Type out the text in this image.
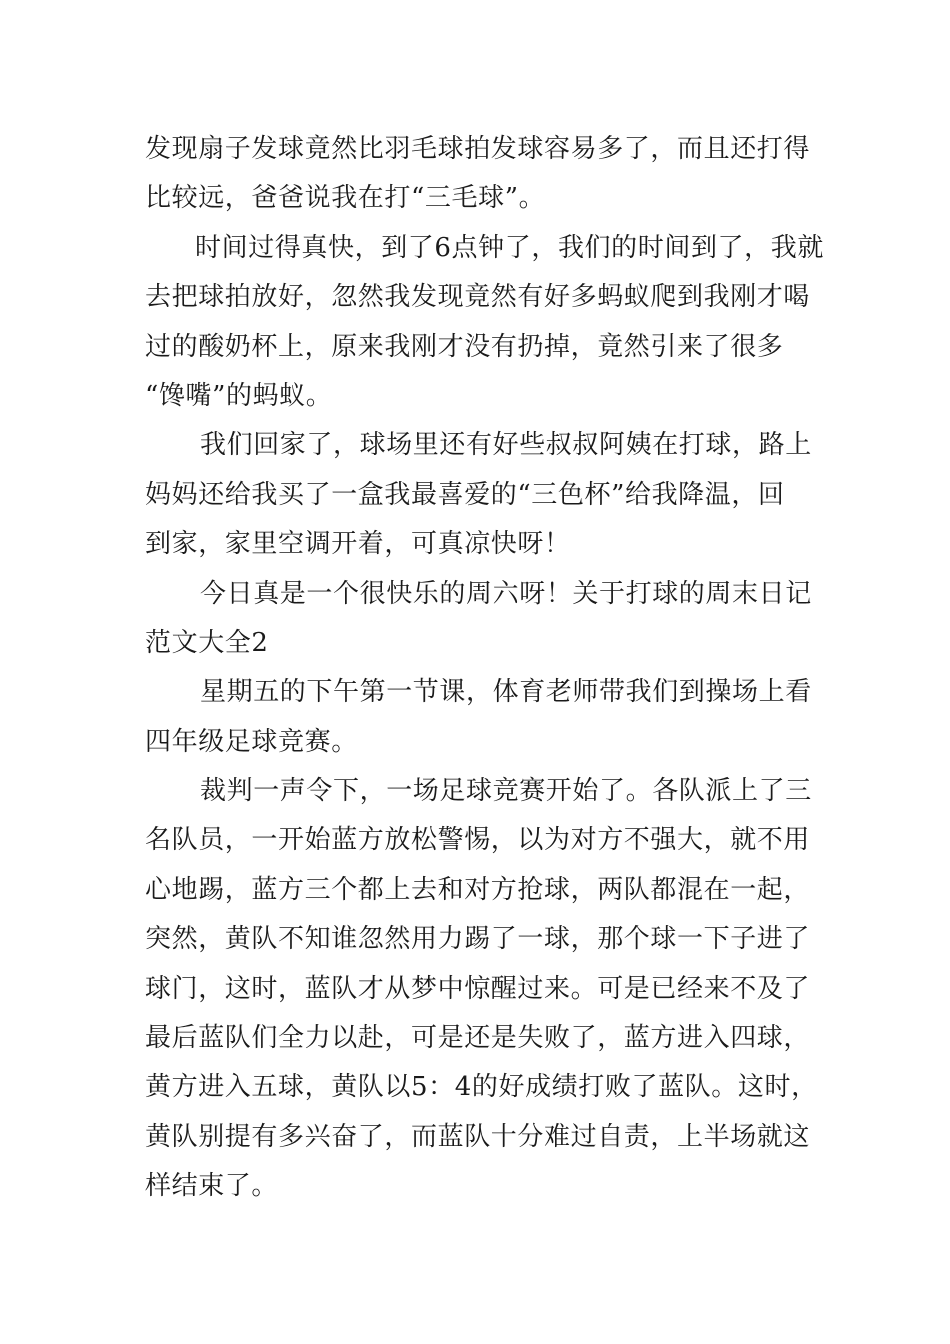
发现扇子发球竟然比羽毛球拍发球容易多了，而且还打得
比较远，爸爸说我在打“三毛球”。
时间过得真快，到了6点钟了，我们的时间到了，我就
去把球拍放好，忽然我发现竟然有好多蚂蚁爬到我刚才喝
过的酸奶杯上，原来我刚才没有扔掉，竟然引来了很多
“馋嘴”的蚂蚁。
我们回家了，球场里还有好些叔叔阿姨在打球，路上
妈妈还给我买了一盒我最喜爱的“三色杯”给我降温，回
到家，家里空调开着，可真凉快呀！
今日真是一个很快乐的周六呀！关于打球的周末日记
范文大全2
星期五的下午第一节课，体育老师带我们到操场上看
四年级足球竞赛。
裁判一声令下，一场足球竞赛开始了。各队派上了三
名队员，一开始蓝方放松警惕，以为对方不强大，就不用
心地踢，蓝方三个都上去和对方抢球，两队都混在一起，
突然，黄队不知谁忽然用力踢了一球，那个球一下子进了
球门，这时，蓝队才从梦中惊醒过来。可是已经来不及了
最后蓝队们全力以赴，可是还是失败了，蓝方进入四球，
黄方进入五球，黄队以5：4的好成绩打败了蓝队。这时，
黄队别提有多兴奋了，而蓝队十分难过自责，上半场就这
样结束了。
